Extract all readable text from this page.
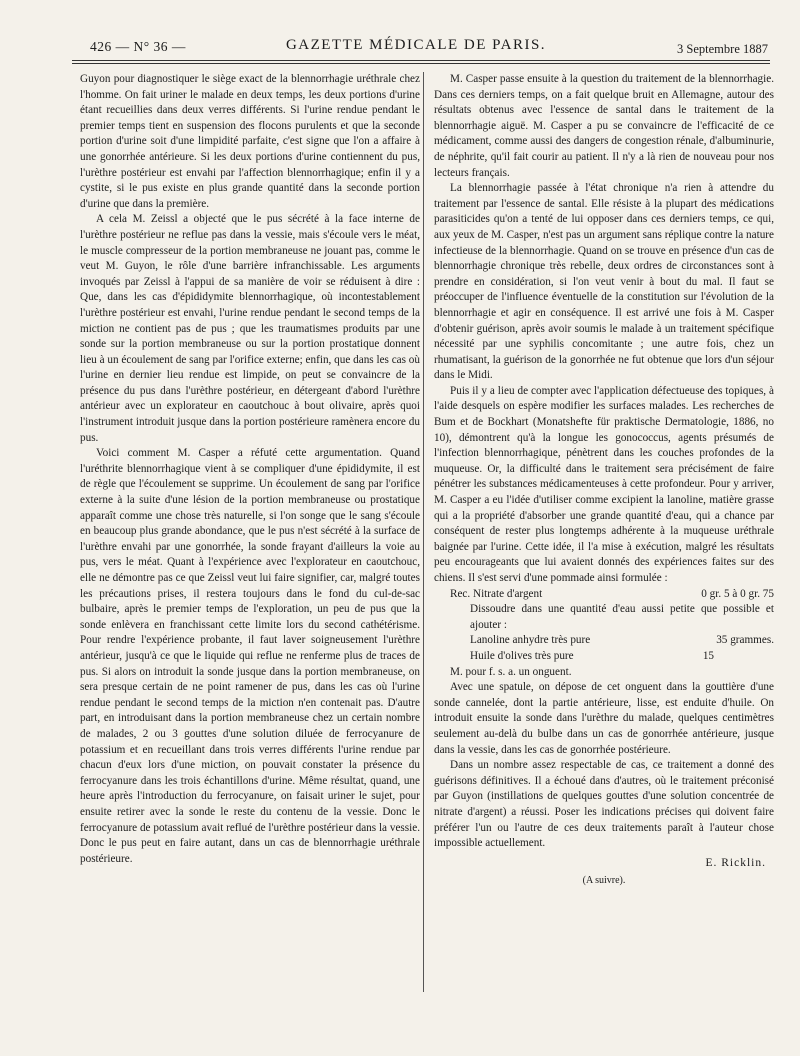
426 — N° 36 —	GAZETTE MÉDICALE DE PARIS.	3 Septembre 1887

Guyon pour diagnostiquer le siège exact de la blennorrhagie uréthrale chez l'homme. On fait uriner le malade en deux temps, les deux portions d'urine étant recueillies dans deux verres différents. Si l'urine rendue pendant le premier temps tient en suspension des flocons purulents et que la seconde portion d'urine soit d'une limpidité parfaite, c'est signe que l'on a affaire à une gonorrhée antérieure. Si les deux portions d'urine contiennent du pus, l'urèthre postérieur est envahi par l'affection blennorrhagique; enfin il y a cystite, si le pus existe en plus grande quantité dans la seconde portion d'urine que dans la première.

A cela M. Zeissl a objecté que le pus sécrété à la face interne de l'urèthre postérieur ne reflue pas dans la vessie, mais s'écoule vers le méat, le muscle compresseur de la portion membraneuse ne jouant pas, comme le veut M. Guyon, le rôle d'une barrière infranchissable. Les arguments invoqués par Zeissl à l'appui de sa manière de voir se réduisent à dire : Que, dans les cas d'épididymite blennorrhagique, où incontestablement l'urèthre postérieur est envahi, l'urine rendue pendant le second temps de la miction ne contient pas de pus ; que les traumatismes produits par une sonde sur la portion membraneuse ou sur la portion prostatique donnent lieu à un écoulement de sang par l'orifice externe; enfin, que dans les cas où l'urine en dernier lieu rendue est limpide, on peut se convaincre de la présence du pus dans l'urèthre postérieur, en détergeant d'abord l'urèthre antérieur avec un explorateur en caoutchouc à bout olivaire, après quoi l'instrument introduit jusque dans la portion postérieure ramènera encore du pus.

Voici comment M. Casper a réfuté cette argumentation. Quand l'uréthrite blennorrhagique vient à se compliquer d'une épididymite, il est de règle que l'écoulement se supprime. Un écoulement de sang par l'orifice externe à la suite d'une lésion de la portion membraneuse ou prostatique apparaît comme une chose très naturelle, si l'on songe que le sang s'écoule en beaucoup plus grande abondance, que le pus n'est sécrété à la surface de l'urèthre envahi par une gonorrhée, la sonde frayant d'ailleurs la voie au pus, vers le méat. Quant à l'expérience avec l'explorateur en caoutchouc, elle ne démontre pas ce que Zeissl veut lui faire signifier, car, malgré toutes les précautions prises, il restera toujours dans le fond du cul-de-sac bulbaire, après le premier temps de l'exploration, un peu de pus que la sonde enlèvera en franchissant cette limite lors du second cathétérisme. Pour rendre l'expérience probante, il faut laver soigneusement l'urèthre antérieur, jusqu'à ce que le liquide qui reflue ne renferme plus de traces de pus. Si alors on introduit la sonde jusque dans la portion membraneuse, on sera presque certain de ne point ramener de pus, dans les cas où l'urine rendue pendant le second temps de la miction n'en contenait pas. D'autre part, en introduisant dans la portion membraneuse chez un certain nombre de malades, 2 ou 3 gouttes d'une solution diluée de ferrocyanure de potassium et en recueillant dans trois verres différents l'urine rendue par chacun d'eux lors d'une miction, on pouvait constater la présence du ferrocyanure dans les trois échantillons d'urine. Même résultat, quand, une heure après l'introduction du ferrocyanure, on faisait uriner le sujet, pour ensuite retirer avec la sonde le reste du contenu de la vessie. Donc le ferrocyanure de potassium avait reflué de l'urèthre postérieur dans la vessie. Donc le pus peut en faire autant, dans un cas de blennorrhagie uréthrale postérieure.

M. Casper passe ensuite à la question du traitement de la blennorrhagie. Dans ces derniers temps, on a fait quelque bruit en Allemagne, autour des résultats obtenus avec l'essence de santal dans le traitement de la blennorrhagie aiguë. M. Casper a pu se convaincre de l'efficacité de ce médicament, comme aussi des dangers de congestion rénale, d'albuminurie, de néphrite, qu'il fait courir au patient. Il n'y a là rien de nouveau pour nos lecteurs français.

La blennorrhagie passée à l'état chronique n'a rien à attendre du traitement par l'essence de santal. Elle résiste à la plupart des médications parasiticides qu'on a tenté de lui opposer dans ces derniers temps, ce qui, aux yeux de M. Casper, n'est pas un argument sans réplique contre la nature infectieuse de la blennorrhagie. Quand on se trouve en présence d'un cas de blennorrhagie chronique très rebelle, deux ordres de circonstances sont à prendre en considération, si l'on veut venir à bout du mal. Il faut se préoccuper de l'influence éventuelle de la constitution sur l'évolution de la blennorrhagie et agir en conséquence. Il est arrivé une fois à M. Casper d'obtenir guérison, après avoir soumis le malade à un traitement spécifique nécessité par une syphilis concomitante ; une autre fois, chez un rhumatisant, la guérison de la gonorrhée ne fut obtenue que lors d'un séjour dans le Midi.

Puis il y a lieu de compter avec l'application défectueuse des topiques, à l'aide desquels on espère modifier les surfaces malades. Les recherches de Bum et de Bockhart (Monatshefte für praktische Dermatologie, 1886, no 10), démontrent qu'à la longue les gonococcus, agents présumés de l'infection blennorrhagique, pénètrent dans les couches profondes de la muqueuse. Or, la difficulté dans le traitement sera précisément de faire pénétrer les substances médicamenteuses à cette profondeur. Pour y arriver, M. Casper a eu l'idée d'utiliser comme excipient la lanoline, matière grasse qui a la propriété d'absorber une grande quantité d'eau, qui a chance par conséquent de rester plus longtemps adhérente à la muqueuse uréthrale baignée par l'urine. Cette idée, il l'a mise à exécution, malgré les résultats peu encourageants que lui avaient donnés des expériences faites sur des chiens. Il s'est servi d'une pommade ainsi formulée :

Rec. Nitrate d'argent	0 gr. 5 à 0 gr. 75
Dissoudre dans une quantité d'eau aussi petite que possible et ajouter :
Lanoline anhydre très pure	35 grammes.
Huile d'olives très pure	15
M. pour f. s. a. un onguent.

Avec une spatule, on dépose de cet onguent dans la gouttière d'une sonde cannelée, dont la partie antérieure, lisse, est enduite d'huile. On introduit ensuite la sonde dans l'urèthre du malade, quelques centimètres seulement au-delà du bulbe dans un cas de gonorrhée antérieure, jusque dans la vessie, dans les cas de gonorrhée postérieure.

Dans un nombre assez respectable de cas, ce traitement a donné des guérisons définitives. Il a échoué dans d'autres, où le traitement préconisé par Guyon (instillations de quelques gouttes d'une solution concentrée de nitrate d'argent) a réussi. Poser les indications précises qui doivent faire préférer l'un ou l'autre de ces deux traitements paraît à l'auteur chose impossible actuellement.

E. Ricklin.
(A suivre).
